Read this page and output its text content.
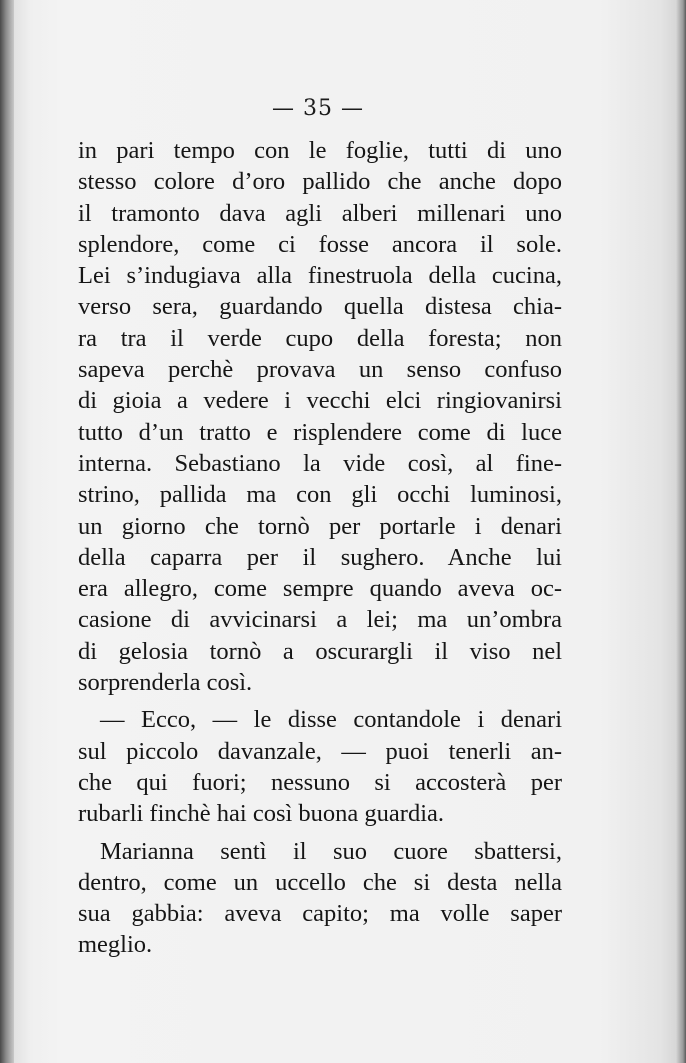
— 35 —
in pari tempo con le foglie, tutti di uno
stesso colore d’oro pallido che anche dopo
il tramonto dava agli alberi millenari uno
splendore, come ci fosse ancora il sole.
Lei s’indugiava alla finestruola della cucina,
verso sera, guardando quella distesa chia-
ra tra il verde cupo della foresta; non
sapeva perchè provava un senso confuso
di gioia a vedere i vecchi elci ringiovanirsi
tutto d’un tratto e risplendere come di luce
interna. Sebastiano la vide così, al fine-
strino, pallida ma con gli occhi luminosi,
un giorno che tornò per portarle i denari
della caparra per il sughero. Anche lui
era allegro, come sempre quando aveva oc-
casione di avvicinarsi a lei; ma un’ombra
di gelosia tornò a oscurargli il viso nel
sorprenderla così.
— Ecco, — le disse contandole i denari
sul piccolo davanzale, — puoi tenerli an-
che qui fuori; nessuno si accosterà per
rubarli finchè hai così buona guardia.
Marianna sentì il suo cuore sbattersi,
dentro, come un uccello che si desta nella
sua gabbia: aveva capito; ma volle saper
meglio.
